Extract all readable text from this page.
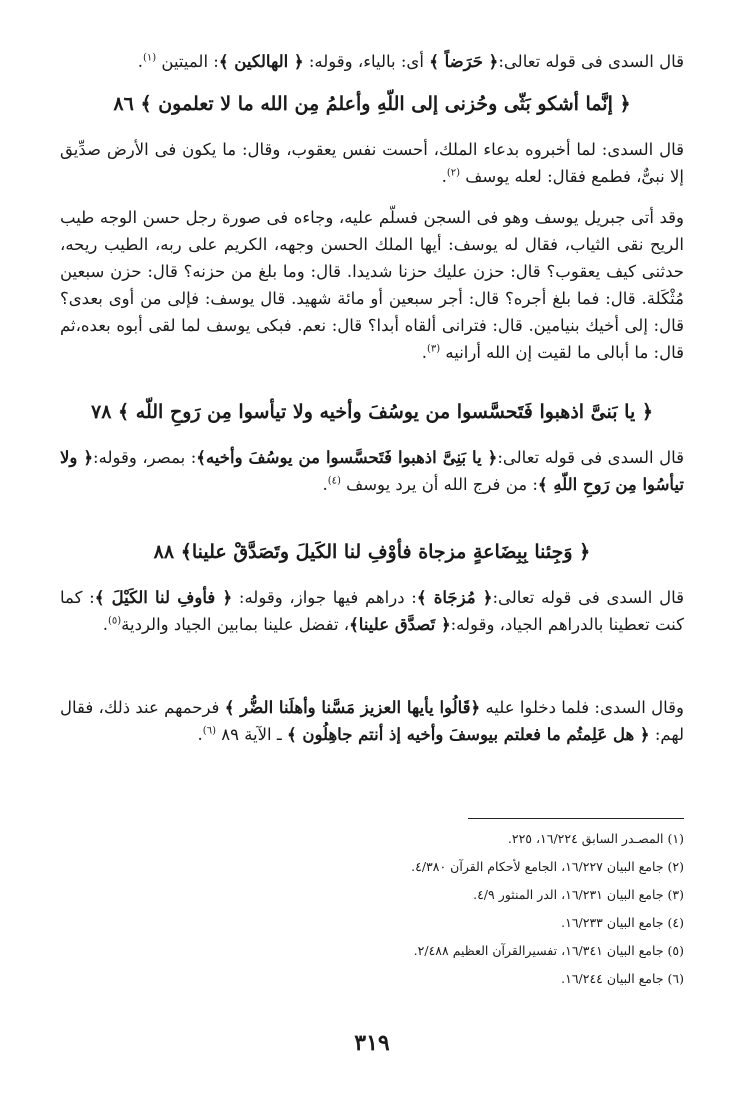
قال السدى فى قوله تعالى:﴿ حَرَضاً ﴾ أى: بالياء، وقوله: ﴿ الهالكين ﴾: الميتين $^{(١)}$.

﴿ إنَّما أشكو بَثّى وحُزنى إلى اللّهِ وأعلمُ مِن الله ما لا تعلمون ﴾ ٨٦

قال السدى: لما أخبروه بدعاء الملك، أحست نفس يعقوب، وقال: ما يكون فى الأرض صدِّيق إلا نبىٌّ، فطمع فقال: لعله يوسف $^{(٢)}$.

وقد أتى جبريل يوسف وهو فى السجن فسلّم عليه، وجاءه فى صورة رجل حسن الوجه طيب الريح نقى الثياب، فقال له يوسف: أيها الملك الحسن وجهه، الكريم على ربه، الطيب ريحه، حدثنى كيف يعقوب؟ قال: حزن عليك حزنا شديدا. قال: وما بلغ من حزنه؟ قال: حزن سبعين مُثْكَلة. قال: فما بلغ أجره؟ قال: أجر سبعين أو مائة شهيد. قال يوسف: فإلى من أوى بعدى؟ قال: إلى أخيك بنيامين. قال: فترانى ألقاه أبدا؟ قال: نعم. فبكى يوسف لما لقى أبوه بعده،ثم قال: ما أبالى ما لقيت إن الله أرانيه $^{(٣)}$.

﴿ يا بَنىَّ اذهبوا فَتَحسَّسوا من يوسُفَ وأخيه ولا تيأسوا مِن رَوحِ اللّه ﴾ ٧٨

قال السدى فى قوله تعالى:﴿ يا بَنِىَّ اذهبوا فَتَحسَّسوا من يوسُفَ وأخيه﴾: بمصر، وقوله:﴿ ولا تيأسُوا مِن رَوحِ اللّهِ ﴾: من فرج الله أن يرد يوسف $^{(٤)}$.

﴿ وَجِئنا بِبِضَاعةٍ مزجاة فأوْفِ لنا الكَيلَ وتَصَدَّقْ علينا﴾ ٨٨

قال السدى فى قوله تعالى:﴿ مُزجَاة ﴾: دراهم فيها جواز، وقوله: ﴿ فأوفِ لنا الكَيْلَ ﴾: كما كنت تعطينا بالدراهم الجياد، وقوله:﴿ تَصدَّق علينا﴾، تفضل علينا بمابين الجياد والردية$^{(٥)}$.

وقال السدى: فلما دخلوا عليه ﴿قَالُوا يأيها العزيز مَسَّنا وأهلَنا الضُّر ﴾ فرحمهم عند ذلك، فقال لهم: ﴿ هل عَلِمتُم ما فعلتم بيوسفَ وأخيه إذ أنتم جاهِلُون ﴾ ـ الآية ٨٩ $^{(٦)}$.

(١) المصـدر السابق ١٦/٢٢٤، ٢٢٥.

(٢) جامع البيان ١٦/٢٢٧، الجامع لأحكام القرآن ٤/٣٨٠.

(٣) جامع البيان ١٦/٢٣١، الدر المنثور ٤/٩.

(٤) جامع البيان ١٦/٢٣٣.

(٥) جامع البيان ١٦/٣٤١، تفسيرالقرآن العظيم ٢/٤٨٨.

(٦) جامع البيان ١٦/٢٤٤.

٣١٩
